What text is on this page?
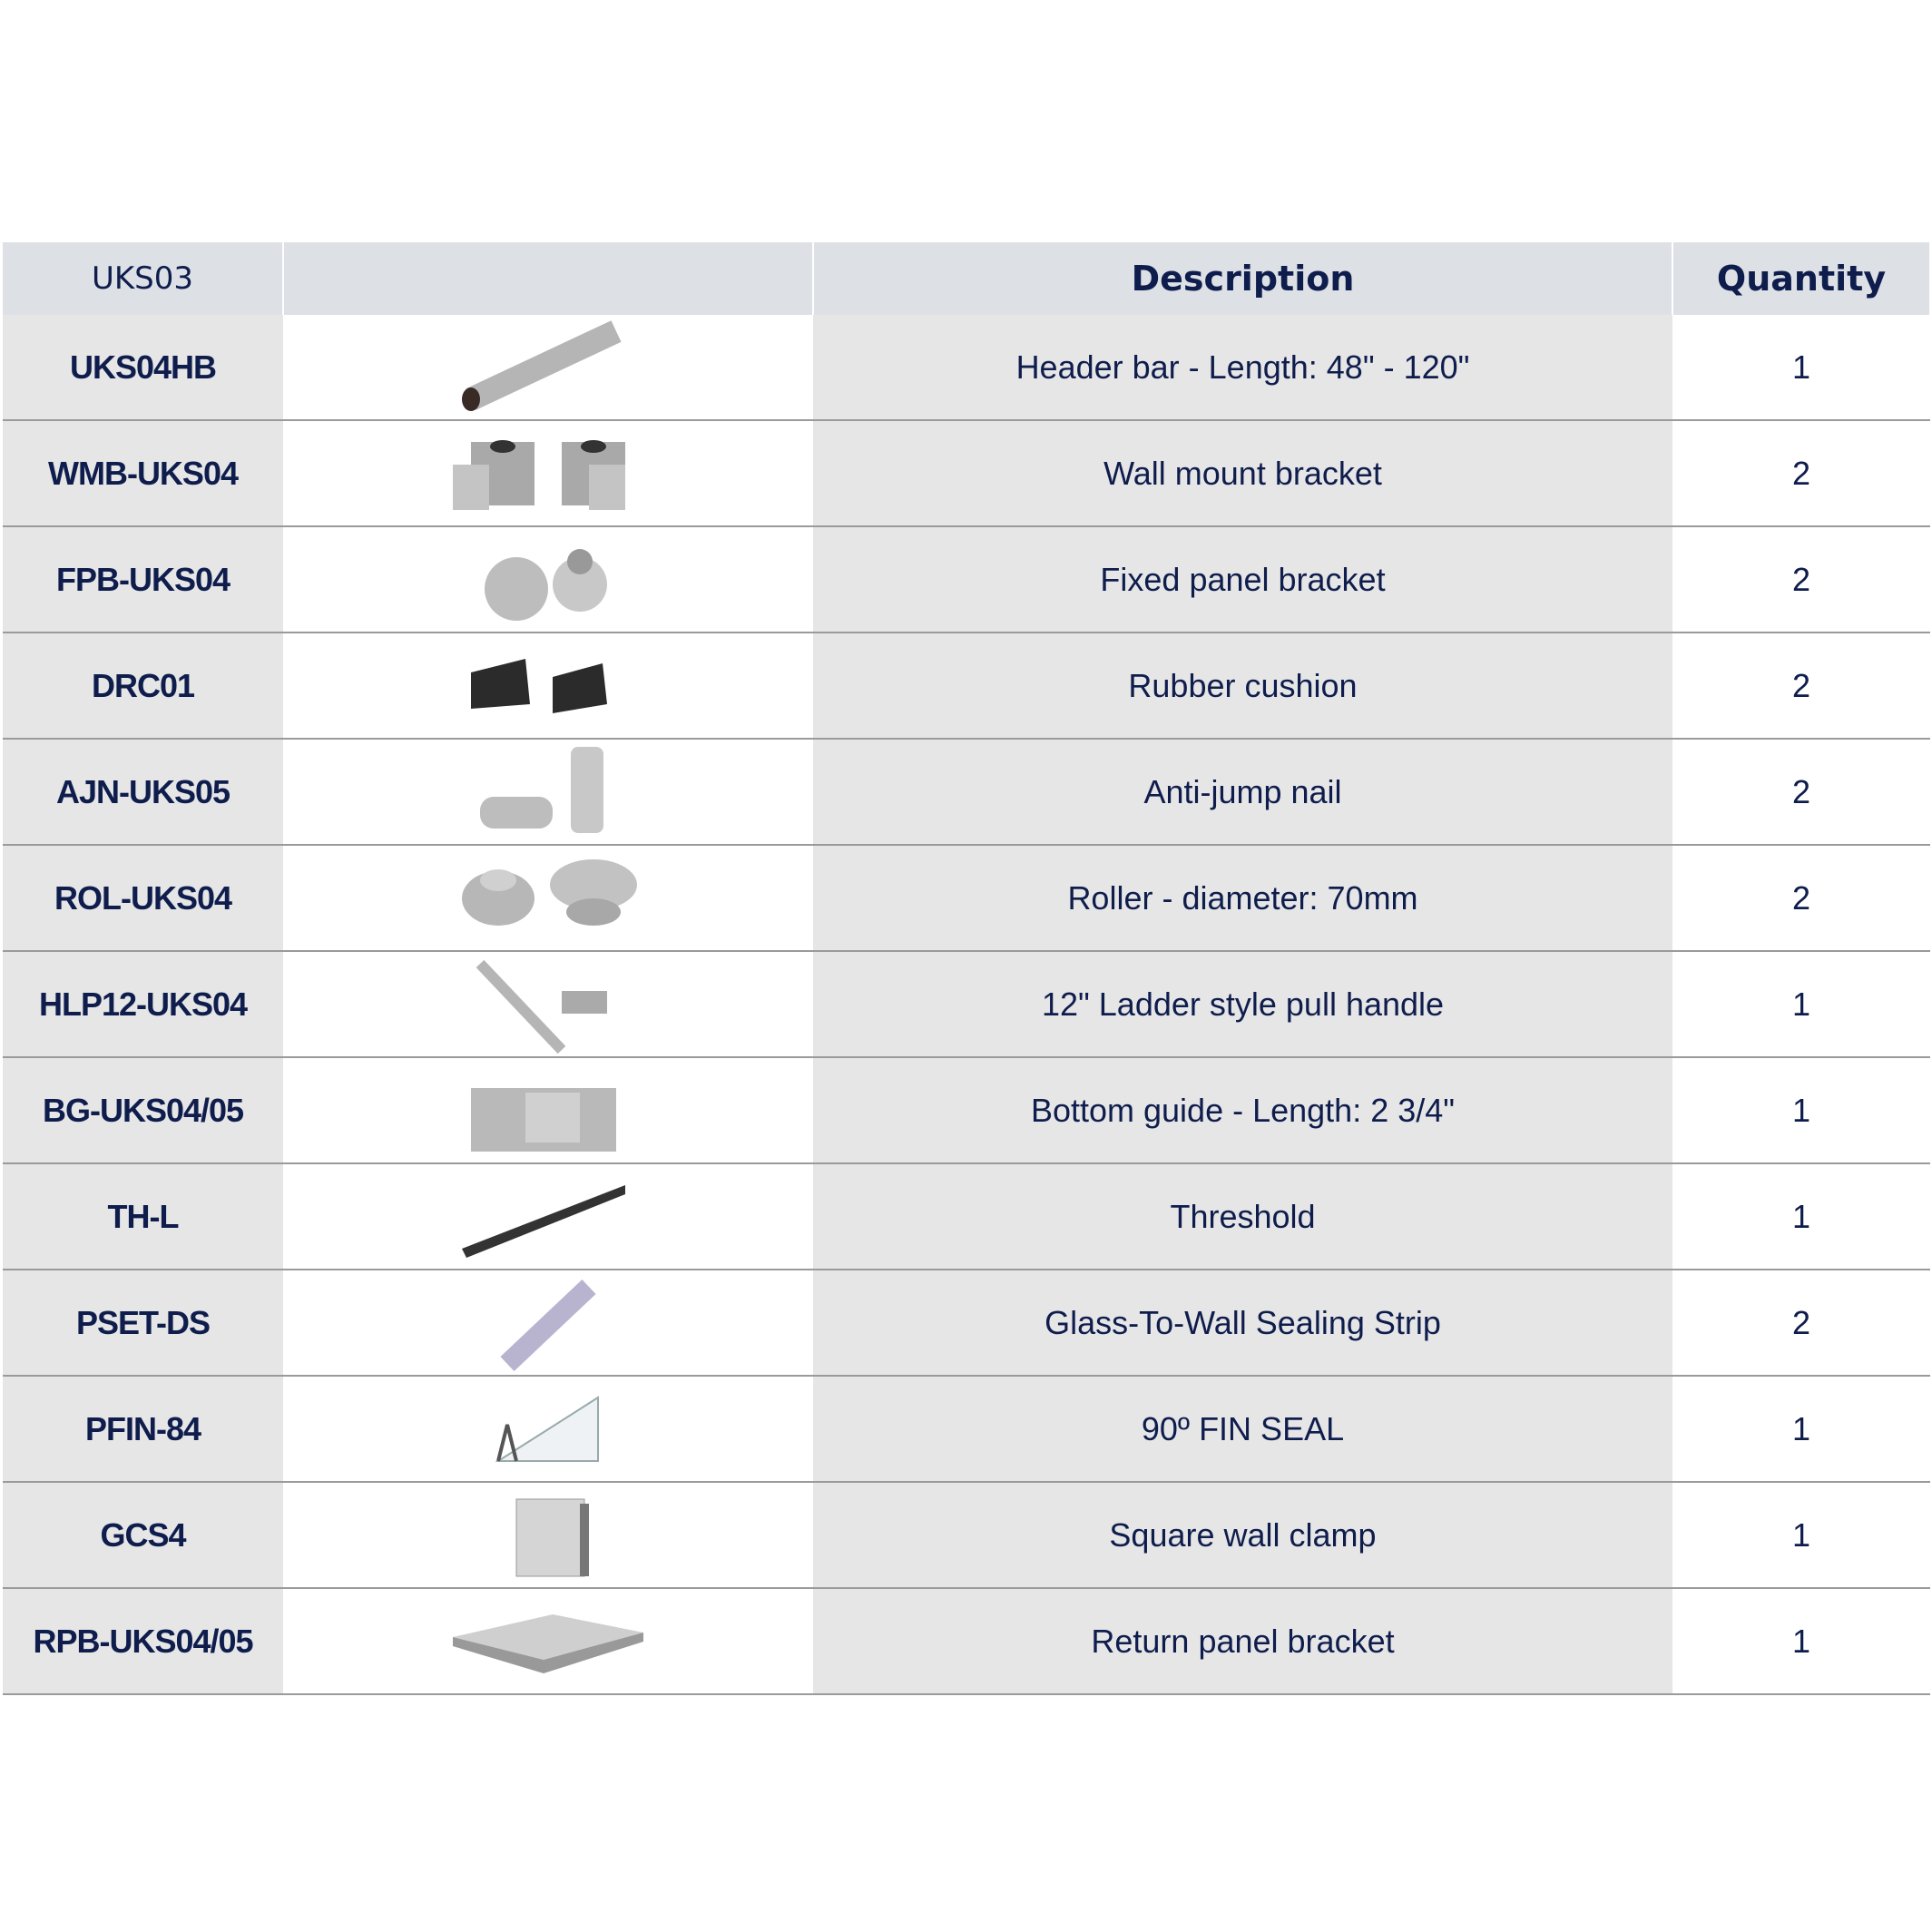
UKS03		Description	Quantity
UKS04HB		Header bar - Length: 48" - 120"	1
WMB-UKS04		Wall mount bracket	2
FPB-UKS04		Fixed panel bracket	2
DRC01		Rubber cushion	2
AJN-UKS05		Anti-jump nail	2
ROL-UKS04		Roller - diameter: 70mm	2
HLP12-UKS04		12" Ladder style pull handle	1
BG-UKS04/05		Bottom guide - Length: 2 3/4"	1
TH-L		Threshold	1
PSET-DS		Glass-To-Wall Sealing Strip	2
PFIN-84		90º FIN SEAL	1
GCS4		Square wall clamp	1
RPB-UKS04/05		Return panel bracket	1
